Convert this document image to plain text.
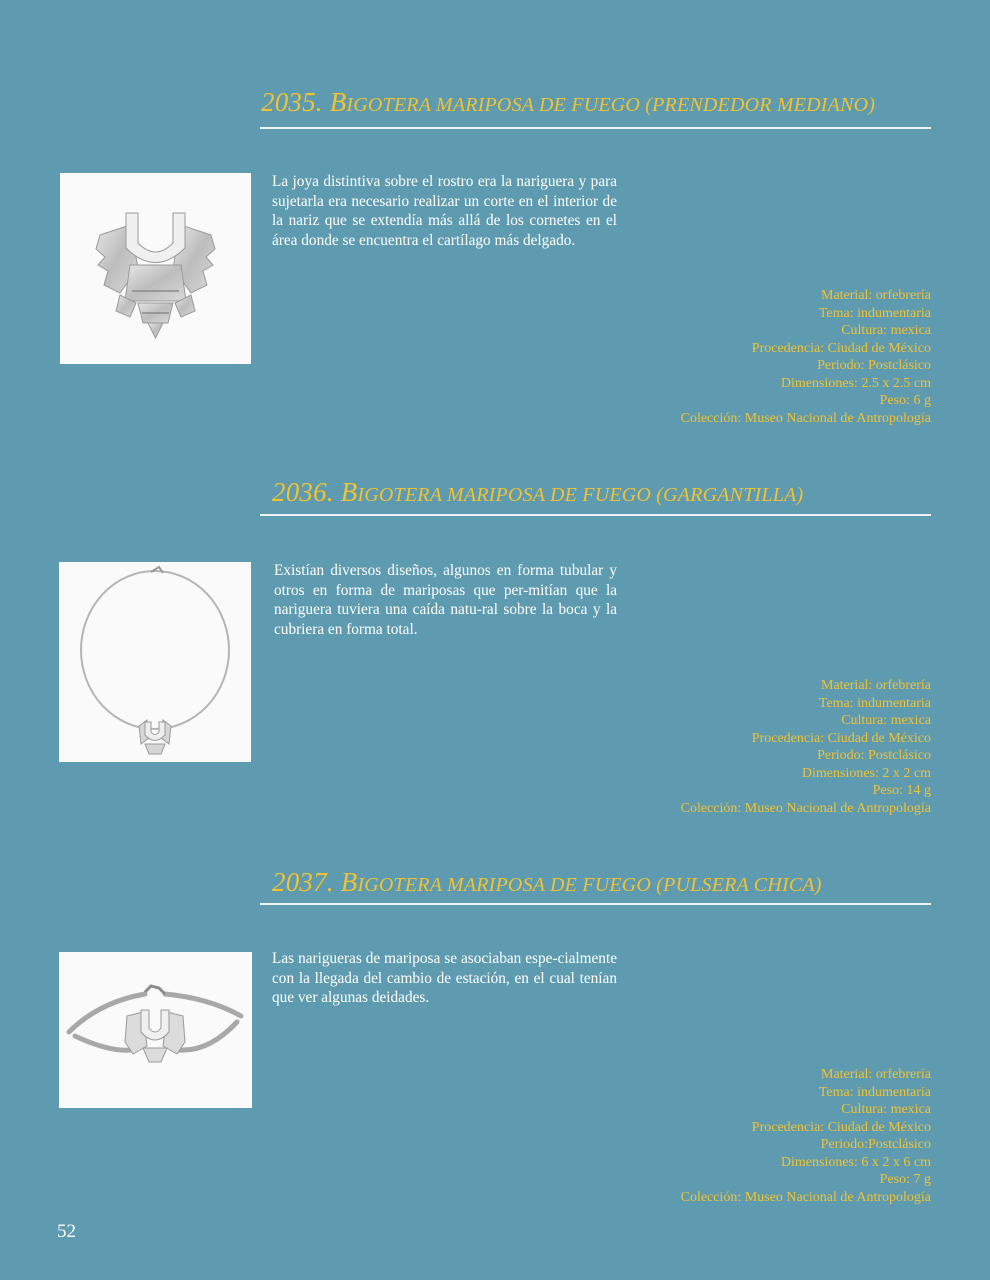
2035. BIGOTERA MARIPOSA DE FUEGO (PRENDEDOR MEDIANO)
La joya distintiva sobre el rostro era la nariguera y para sujetarla era necesario realizar un corte en el interior de la nariz que se extendía más allá de los cornetes en el área donde se encuentra el cartílago más delgado.
Material: orfebrería
Tema: indumentaria
Cultura: mexica
Procedencia: Ciudad de México
Periodo: Postclásico
Dimensiones: 2.5 x 2.5 cm
Peso: 6 g
Colección: Museo Nacional de Antropología
2036. BIGOTERA MARIPOSA DE FUEGO (GARGANTILLA)
Existían diversos diseños, algunos en forma tubular y otros en forma de mariposas que per-mitían que la nariguera tuviera una caída natu-ral sobre la boca y la cubriera en forma total.
Material: orfebrería
Tema: indumentaria
Cultura: mexica
Procedencia: Ciudad de México
Periodo: Postclásico
Dimensiones: 2 x 2 cm
Peso: 14 g
Colección: Museo Nacional de Antropología
2037. BIGOTERA MARIPOSA DE FUEGO (PULSERA CHICA)
Las narigueras de mariposa se asociaban espe-cialmente con la llegada del cambio de estación, en el cual tenían que ver algunas deidades.
Material: orfebrería
Tema: indumentaria
Cultura: mexica
Procedencia: Ciudad de México
Periodo:Postclásico
Dimensiones: 6 x 2 x 6 cm
Peso: 7 g
Colección: Museo Nacional de Antropología
52
